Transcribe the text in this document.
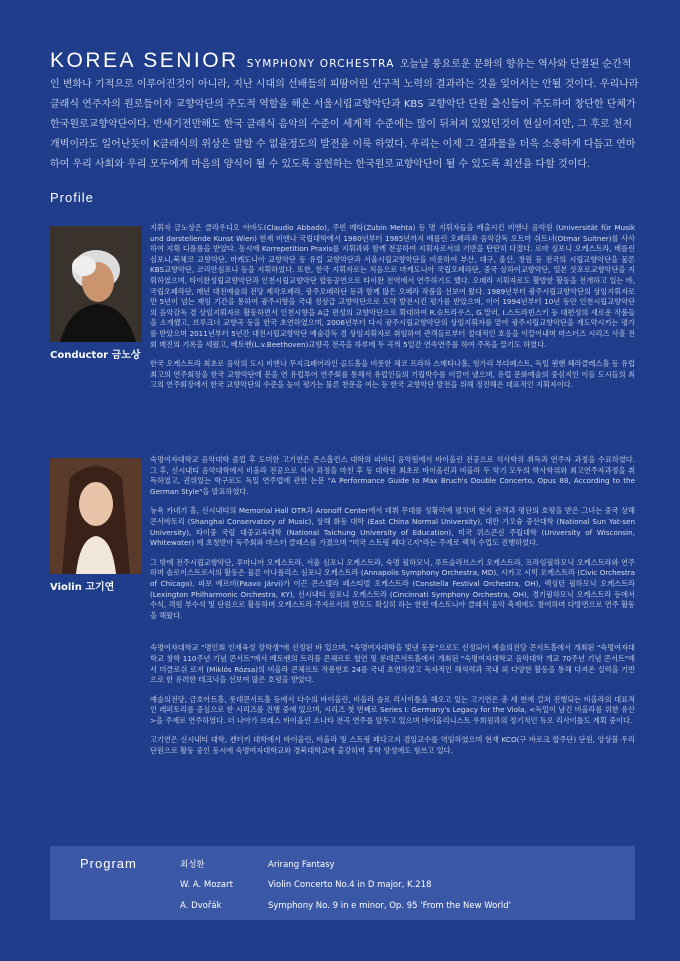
KOREA SENIOR SYMPHONY ORCHESTRA 오늘날 풍요로운 문화의 향유는 역사와 단절된 순간적인 변화나 기적으로 이루어진것이 아니라, 지난 시대의 선배들의 피땀어린 선구적 노력의 결과라는 것을 잊어서는 안될 것이다. 우리나라 클래식 연주자의 원로들이자 교향악단의 주도적 역할을 해온 서울시립교향악단과 KBS 교향악단 단원 출신들이 주도하여 창단한 단체가 한국원로교향악단이다. 반세기전만해도 한국 클래식 음악의 수준이 세계적 수준에는 많이 뒤쳐져 있었던것이 현실이지만, 그 후로 천지개벽이라도 일어난듯이 K클래식의 위상은 말할 수 없을정도의 발전을 이룩 하였다. 우리는 이제 그 결과물을 더욱 소중하게 다듬고 연마하여 우리 사회와 우리 모두에게 마음의 양식이 될 수 있도록 공헌하는 한국원로교향악단이 될 수 있도록 최선을 다할 것이다.
Profile
Conductor 금노상

지휘자 금노상은 클라우디오 아바도(Claudio Abbado), 주빈 메타(Zubin Mehta) 등 명 지휘자들을 배출시킨 비엔나 음악원 (Universität für Musik und darstellende Kunst Wien) 현재 비엔나 국립대학에서 1980년부터 1985년까지 베를린 오페라좌 음악감독 오트마 쉬트너(Otmar Suitner)를 사사하여 지휘 디플롬을 받았다. 동시에 Korrepetition Praxis를 지휘과와 함께 전공하여 지휘자로서의 기반을 탄탄히 다졌다. 로마 심포니 오케스트라, 베를린 심포니,북체코 교향악단, 마케도니아 교향악단 등 유럽 교향악단과 서울시립교향악단을 비롯하여 부산, 대구, 울산, 창원 등 전국의 시립교향악단을 물론 KBS교향악단, 코리안심포니 등을 지휘하였다. 또한, 한국 지휘자로는 처음으로 마케도니아 국립오페라단, 중국 상하이교향악단, 일본 삿포로교향악단을 지휘하였으며, 타이완성립교향악단과 인천시립교향악단 합동공연으로 타이완 전역에서 연주하기도 했다. 오페라 지휘자로도 활발한 활동을 전개하고 있는 바, 국립오페라단, 매년 대전예술의 전당 제작오페라, 광주오페라단 등과 함께 많은 오페라 작품을 선보여 왔다. 1989년부터 광주시립교향악단의 상임지휘자로 만 5년이 넘는 재임 기간을 통하여 광주시향을 국내 정상급 교향악단으로 도약 발전시킨 평가를 받았으며, 이어 1994년부터 10년 동안 인천시립교향악단의 음악감독 겸 상임지휘자로 활동하면서 인천시향을 A급 편성의 교향악단으로 확대하여 R.슈트라우스, G.말러, I.스트라빈스키 등 대편성의 새로운 작품들을 소개했고, 브루크너 교향곡 등을 한국 초연하였으며, 2006년부터 다시 광주시립교향악단의 상임지휘자를 맡아 광주시립교향악단을 재도약시키는 평가를 받았으며 2011년부터 5년간 대전시립교향악단 예술감독 겸 상임지휘자로 취임하여 관객들로부터 절대적인 호응을 이끌어내며 마스터즈 시리즈 사흘 전회 매진의 기록을 세웠고, 베토벤(L.v.Beethoven)교향곡 전곡을 하루에 두 곡씩 5일간 연속연주를 하여 주목을 끌기도 하였다.

한국 오케스트라 최초로 음악의 도시 비엔나 무지크페어라인 골드홀을 비롯한 체코 프라하 스메타나홀, 헝가리 부다페스트, 독일 뮌헨 헤라클레스홀 등 유럽최고의 연주회장을 한국 교향악단에 문을 연 유럽투어 연주회를 통해서 유럽인들의 기립박수를 이끌어 냈으며, 유럽 문화예술의 중심지인 이들 도시들의 최고의 연주회장에서 한국 교향악단의 수준을 높이 평가는 물론 찬문을 여는 등 한국 교향악단 발전을 위해 정진해온 대표적인 지휘자이다.

Violin 고기연

숙명여자대학교 음악대학 졸업 후 도미한 고기연은 존스홉킨스 대학의 피바디 음악원에서 바이올린 전공으로 석사학위 취득과 연주자 과정을 수료하였다. 그 후, 신시내티 음악대학에서 비올라 전공으로 석사 과정을 마친 후 동 대학원 최초로 바이올린과 비올라 두 악기 모두의 박사학위와 최고연주자과정을 취득하였고, 권위있는 학구로도 독일 연주법에 관한 논문 "A Performance Guide to Max Bruch's Double Concerto, Opus 88, According to the German Style"을 발표하였다.

뉴욕 카네기 홀, 신시내티의 Memorial Hall OTR과 Aronoff Center에서 데뷔 무대를 성황리에 펼치며 현지 관객과 평단의 호평을 받은 그녀는 중국 상해 콘서바토리 (Shanghai Conservatory of Music), 상해 화동 대학 (East China Normal University), 대만 가오슝 중산대학 (National Sun Yat-sen University), 타이중 국립 대중교육대학 (National Taichung University of Education), 미국 위스콘신 주립대학 (University of Wisconsin, Whitewater) 에 초청받아 독주회와 마스터 클래스를 가졌으며 "미국 스트링 페다고지"라는 주제로 렉처 수업도 진행하였다.

그 밖에 전주시립교향악단, 루마니아 오케스트라, 서울 심포니 오케스트라, 숙명 필하모닉, 루트슬라브스키 오케스트라, 프라임필하모닉 오케스트라와 연주하며 솔로이스트로서의 활동은 물론 아나폴리스 심포니 오케스트라 (Annapolis Symphony Orchestra, MD), 시카고 시빅 오케스트라 (Civic Orchestra of Chicago), 파보 예르비(Paavo Järvi)가 이끈 콘스텔라 페스티벌 오케스트라 (Constella Festival Orchestra, OH), 렉싱턴 필하모닉 오케스트라 (Lexington Philharmonic Orchestra, KY), 신시내티 심포니 오케스트라 (Cincinnati Symphony Orchestra, OH), 경기필하모닉 오케스트라 등에서 수석, 객원 부수석 및 단원으로 활동하며 오케스트라 주자로서의 면모도 확실히 하는 한편 에스토니아 클래식 음악 축제에도 참여하며 다방면으로 연주 활동을 해왔다.

숙명여자대학교 "명인회 인재육성 장학생"에 선정된 바 있으며, "숙명여자대학을 빛낸 동문"으로도 선정되어 예술의전당 콘서트홀에서 개최된 "숙명여자대학교 창학 110주년 기념 콘서트"에서 베토벤의 트리플 콘체르토 협연 및 롯데콘서트홀에서 개최된 "숙명여자대학교 음악대학 개교 70주년 기념 콘서트"에서 미클로쉬 로저 (Miklós Rózsa)의 비올라 콘체르토 작품번호 24를 국내 초연하였고 독자적인 해석력과 국내 외 다양한 활동을 통해 다져온 실력을 기반으로 한 유려한 테크닉을 선보여 많은 호평을 받았다.

예술의전당, 금호아트홀, 롯데콘서트홀 등에서 다수의 바이올린, 비올라 솔로 리사이틀을 해오고 있는 고기연은 총 세 번에 걸쳐 진행되는 비올라의 대표적인 레퍼토리를 중심으로 한 시리즈를 진행 중에 있으며, 시리즈 첫 번째로 Series I: Germany's Legacy for the Viola, <독일이 남긴 비올라를 위한 유산>을 주제로 연주하였다. 더 나아가 브레스 바이올린 소나타 전곡 연주를 앞두고 있으며 바이올리니스트 우희원과의 정기적인 듀오 리사이틀도 계획 중이다.

고기연은 신시내티 대학, 켄터키 대학에서 바이올린, 비올라 및 스트링 페다고지 겸임교수를 역임하였으며 현재 KCO(구 바로크 합주단) 단원, 앙상블 우리 단원으로 활동 중인 동시에 숙명여자대학교와 경북대학교에 출강하며 후학 양성에도 힘쓰고 있다.

Program	최성환	Arirang Fantasy
W. A. Mozart	Violin Concerto No.4 in D major, K.218
A. Dvořák	Symphony No. 9 in e minor, Op. 95 'From the New World'
